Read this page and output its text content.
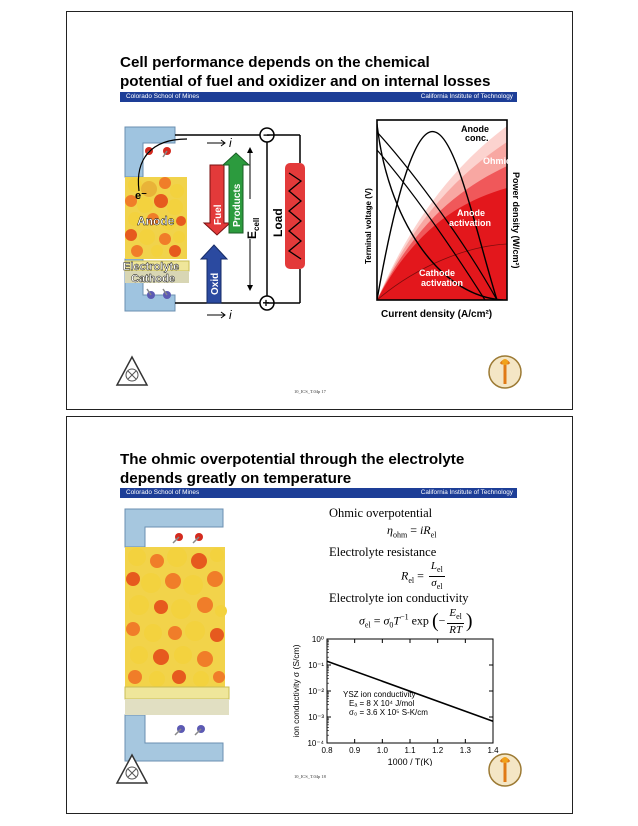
Cell performance depends on the chemical
potential of fuel and oxidizer and on internal losses
Colorado School of Mines	California Institute of Technology
e⁻
Anode
Electrolyte
Cathode
i
i
−
+
$E_{cell}$ Load
Fuel Products
Oxid
Anode conc.
Ohmic
Anode activation
Cathode activation
Current density (A/cm²)
Terminal voltage (V)	Power density (W/cm²)
10_ICS_T.04p 17
The ohmic overpotential through the electrolyte
depends greatly on temperature
Colorado School of Mines	California Institute of Technology
Ohmic overpotential
$\eta_{ohm} = iR_{el}$
Electrolyte resistance
$R_{el} = \frac{L_{el}}{\sigma_{el}}$
Electrolyte ion conductivity
$\sigma_{el} = \sigma_0T^{-1}$ exp (− $\frac{E_{el}}{RT}$ )
0.8 0.9 1.0 1.1 1.2 1.3 1.4
10⁰
10⁻¹
10⁻²
10⁻³
10⁻⁴
1000 / T(K)
ion conductivity σ (S/cm)	YSZ ion conductivity
Eₐ = 8 X 10⁴ J/mol
σ₀ = 3.6 X 10⁵ S-K/cm
10_ICS_T.04p 18
